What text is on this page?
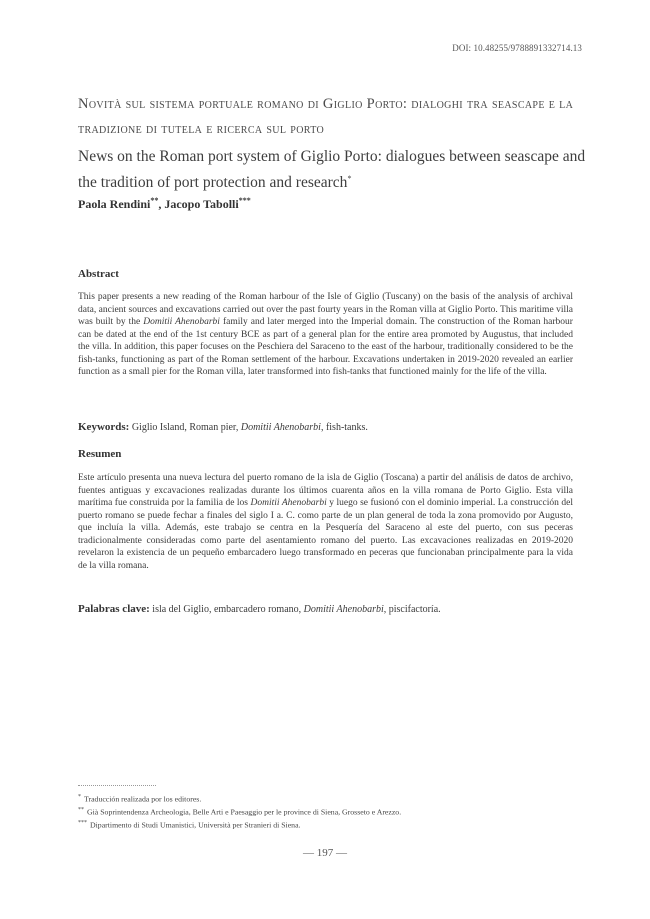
DOI: 10.48255/9788891332714.13
Novità sul sistema portuale romano di Giglio Porto: dialoghi tra seascape e la tradizione di tutela e ricerca sul porto
News on the Roman port system of Giglio Porto: dialogues between seascape and the tradition of port protection and research*
Paola Rendini**, Jacopo Tabolli***
Abstract
This paper presents a new reading of the Roman harbour of the Isle of Giglio (Tuscany) on the basis of the analysis of archival data, ancient sources and excavations carried out over the past fourty years in the Roman villa at Giglio Porto. This maritime villa was built by the Domitii Ahenobarbi family and later merged into the Imperial domain. The construction of the Roman harbour can be dated at the end of the 1st century BCE as part of a general plan for the entire area promoted by Augustus, that included the villa. In addition, this paper focuses on the Peschiera del Saraceno to the east of the harbour, traditionally considered to be the fish-tanks, functioning as part of the Roman settlement of the harbour. Excavations undertaken in 2019-2020 revealed an earlier function as a small pier for the Roman villa, later transformed into fish-tanks that functioned mainly for the life of the villa.
Keywords: Giglio Island, Roman pier, Domitii Ahenobarbi, fish-tanks.
Resumen
Este artículo presenta una nueva lectura del puerto romano de la isla de Giglio (Toscana) a partir del análisis de datos de archivo, fuentes antiguas y excavaciones realizadas durante los últimos cuarenta años en la villa romana de Porto Giglio. Esta villa marítima fue construida por la familia de los Domitii Ahenobarbi y luego se fusionó con el dominio imperial. La construcción del puerto romano se puede fechar a finales del siglo I a. C. como parte de un plan general de toda la zona promovido por Augusto, que incluía la villa. Además, este trabajo se centra en la Pesquería del Saraceno al este del puerto, con sus peceras tradicionalmente consideradas como parte del asentamiento romano del puerto. Las excavaciones realizadas en 2019-2020 revelaron la existencia de un pequeño embarcadero luego transformado en peceras que funcionaban principalmente para la vida de la villa romana.
Palabras clave: isla del Giglio, embarcadero romano, Domitii Ahenobarbi, piscifactoría.
* Traducción realizada por los editores.
** Già Soprintendenza Archeologia, Belle Arti e Paesaggio per le province di Siena, Grosseto e Arezzo.
*** Dipartimento di Studi Umanistici, Università per Stranieri di Siena.
— 197 —
